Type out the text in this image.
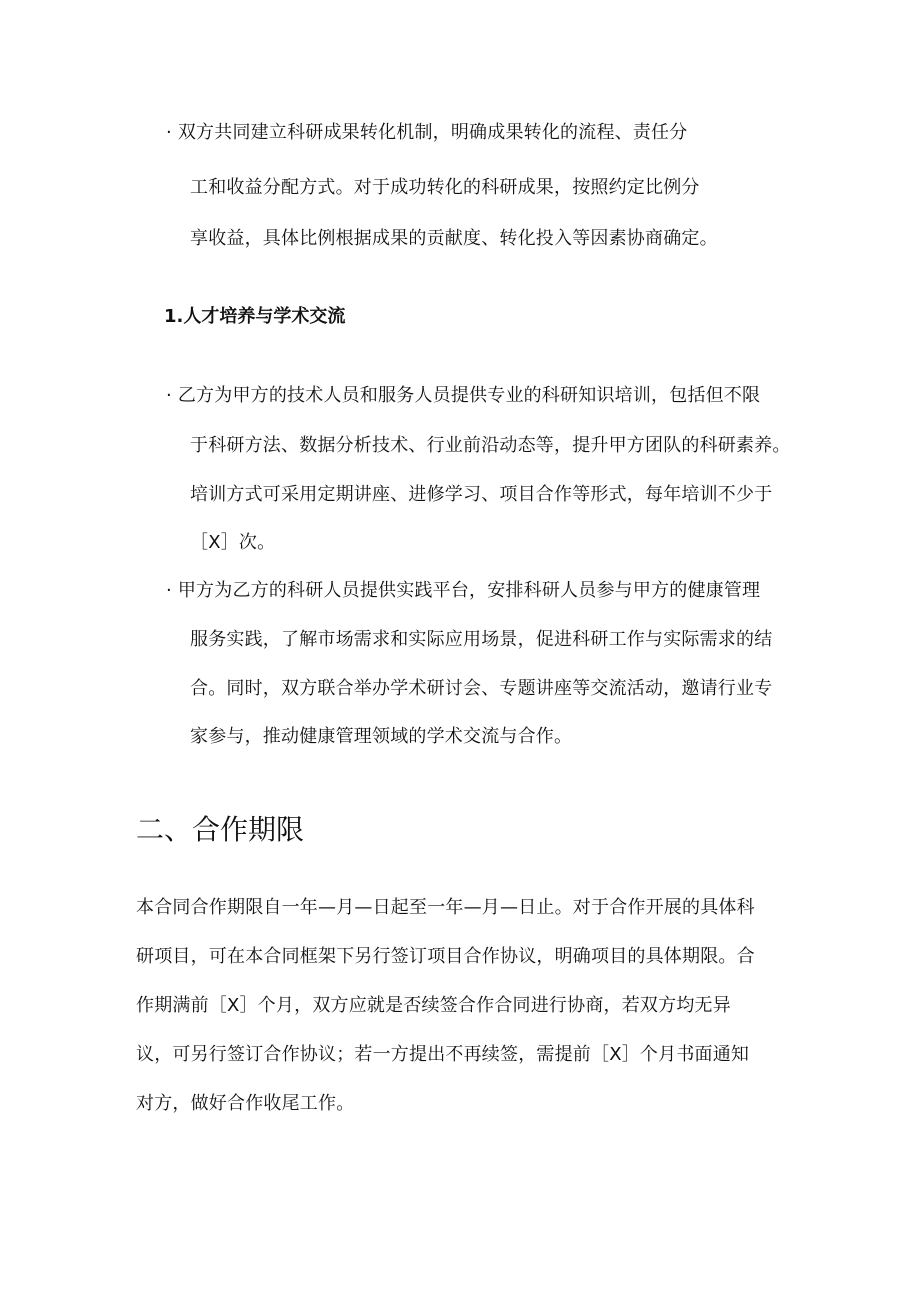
· 双方共同建立科研成果转化机制，明确成果转化的流程、责任分
工和收益分配方式。对于成功转化的科研成果，按照约定比例分
享收益，具体比例根据成果的贡献度、转化投入等因素协商确定。
1.人才培养与学术交流
· 乙方为甲方的技术人员和服务人员提供专业的科研知识培训，包括但不限
于科研方法、数据分析技术、行业前沿动态等，提升甲方团队的科研素养。
培训方式可采用定期讲座、进修学习、项目合作等形式，每年培训不少于
［X］次。
· 甲方为乙方的科研人员提供实践平台，安排科研人员参与甲方的健康管理
服务实践，了解市场需求和实际应用场景，促进科研工作与实际需求的结
合。同时，双方联合举办学术研讨会、专题讲座等交流活动，邀请行业专
家参与，推动健康管理领域的学术交流与合作。
二、合作期限
本合同合作期限自一年—月—日起至一年—月—日止。对于合作开展的具体科
研项目，可在本合同框架下另行签订项目合作协议，明确项目的具体期限。合
作期满前［X］个月，双方应就是否续签合作合同进行协商，若双方均无异
议，可另行签订合作协议；若一方提出不再续签，需提前［X］个月书面通知
对方，做好合作收尾工作。
